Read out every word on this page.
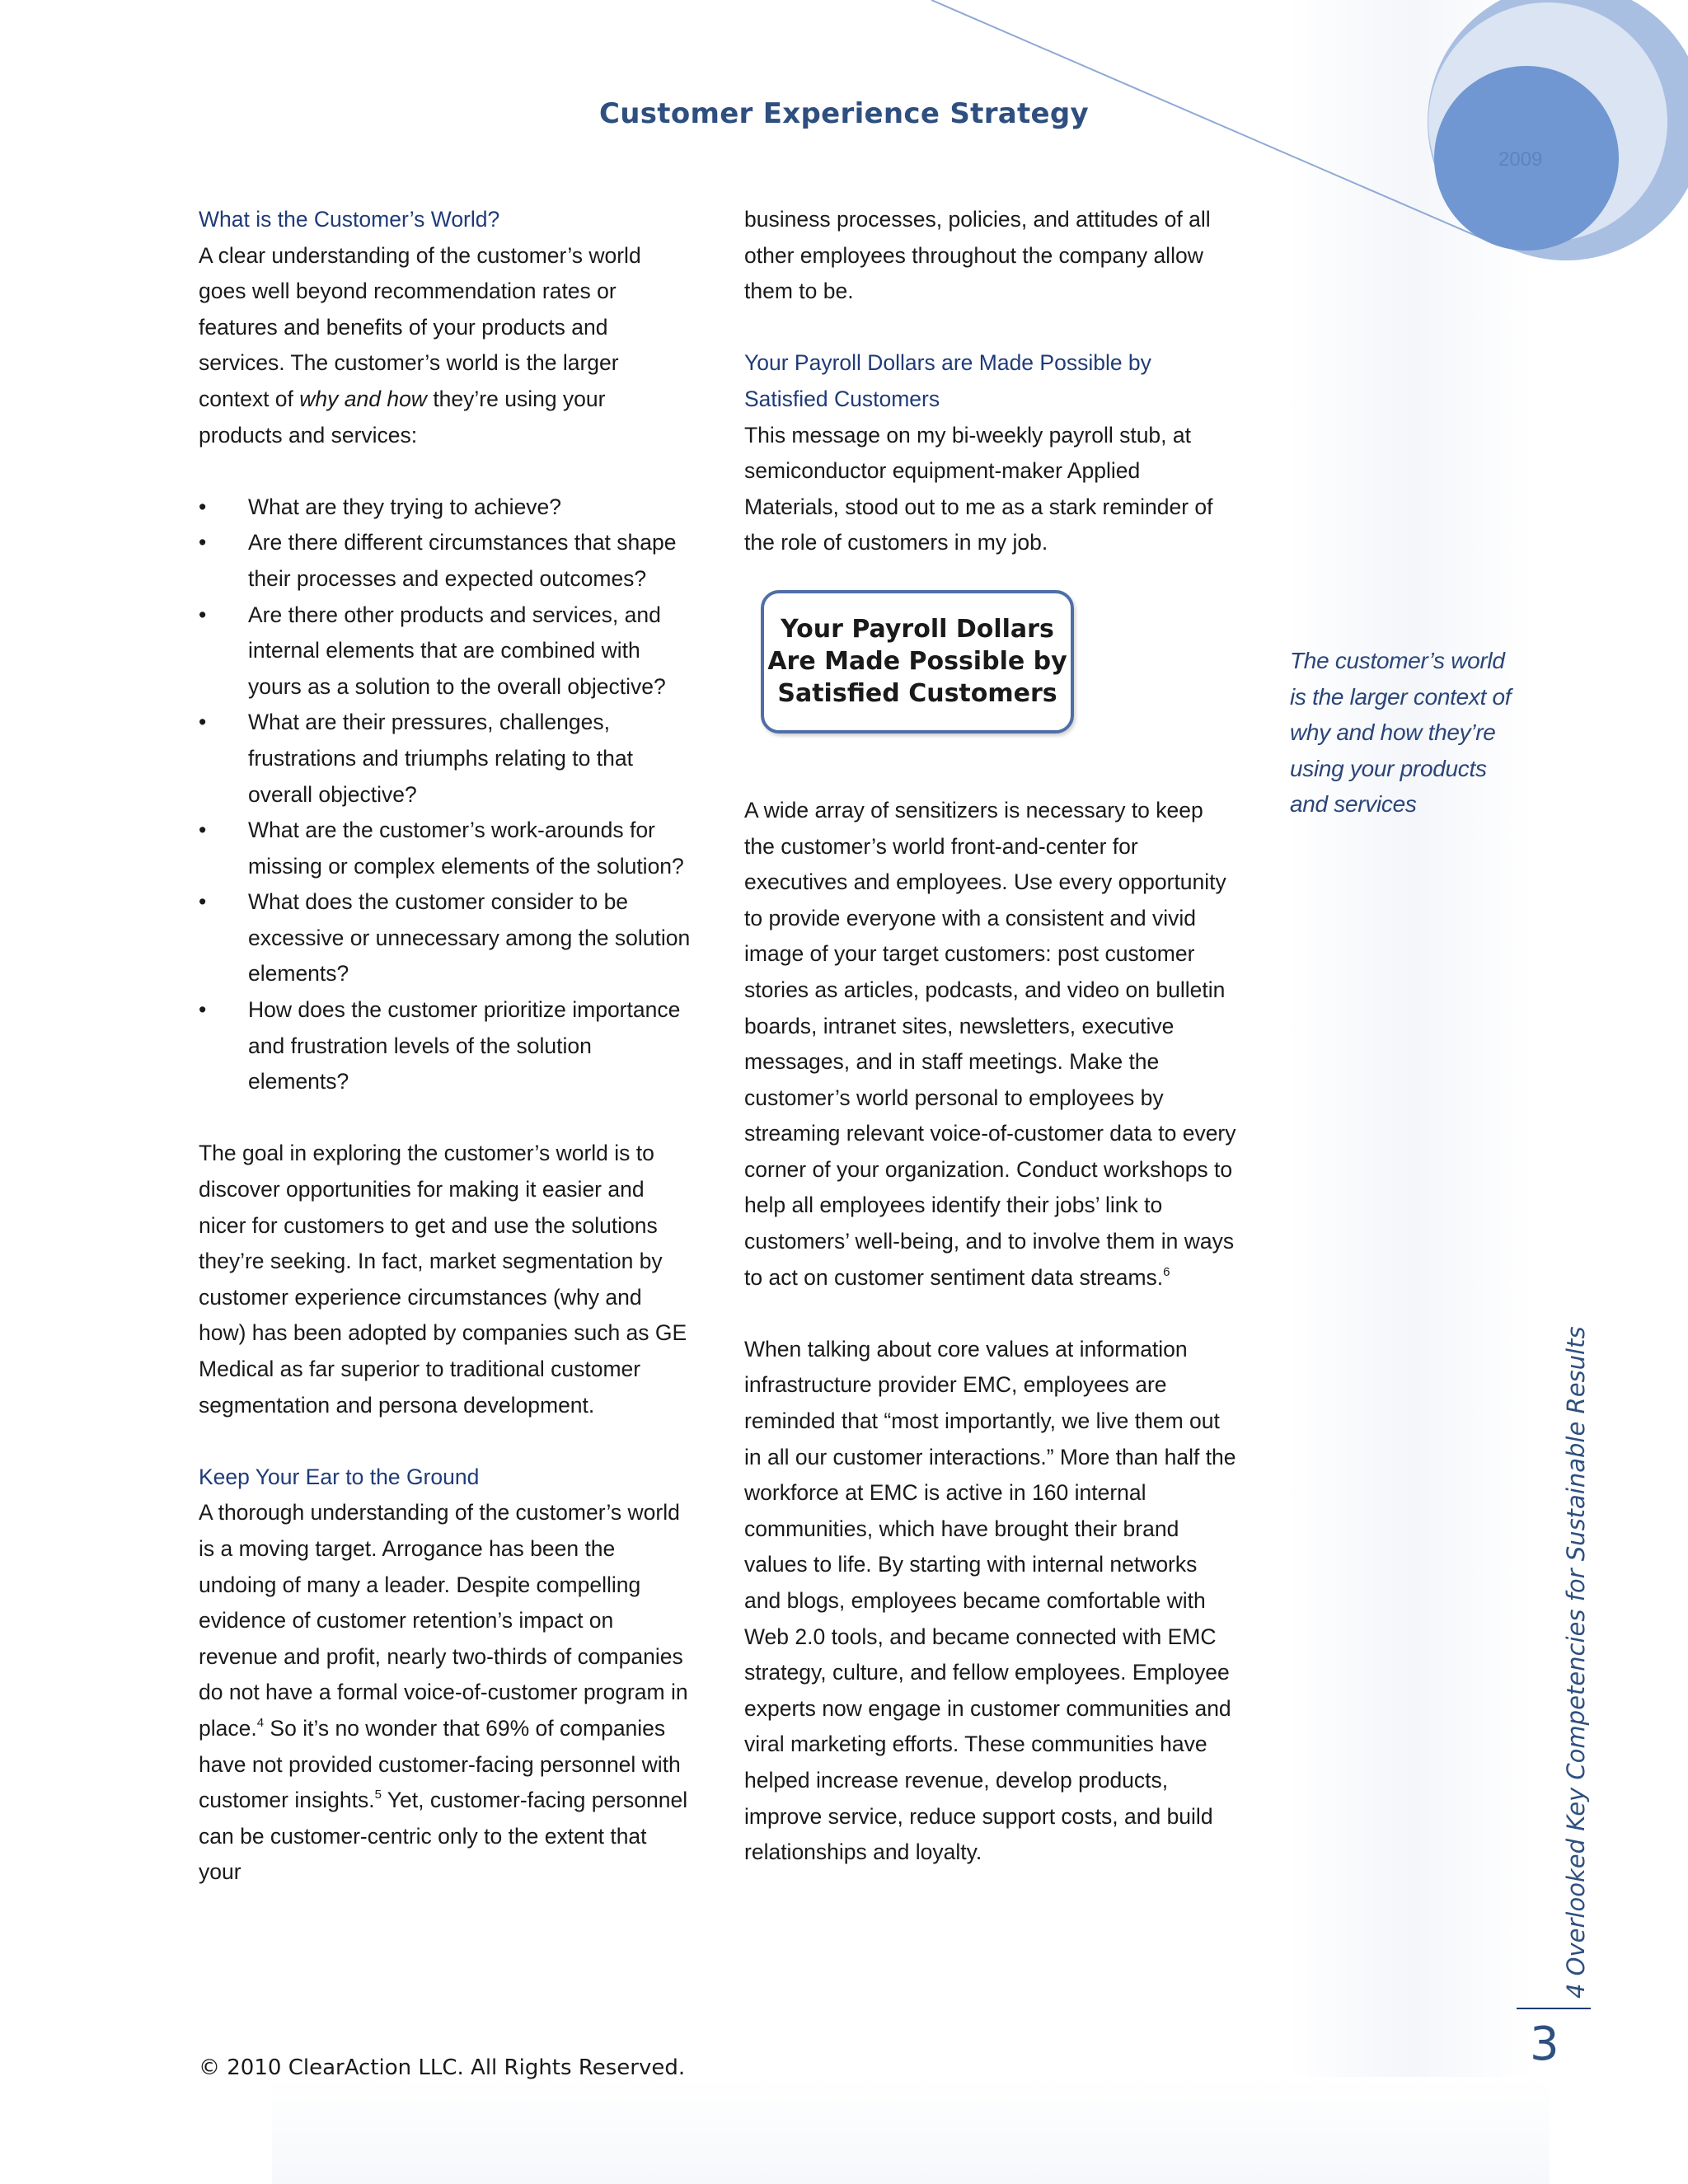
Customer Experience Strategy
2009
What is the Customer’s World?

A clear understanding of the customer’s world goes well beyond recommendation rates or features and benefits of your products and services. The customer’s world is the larger context of why and how they’re using your products and services:

• What are they trying to achieve?
• Are there different circumstances that shape their processes and expected outcomes?
• Are there other products and services, and internal elements that are combined with yours as a solution to the overall objective?
• What are their pressures, challenges, frustrations and triumphs relating to that overall objective?
• What are the customer’s work-arounds for missing or complex elements of the solution?
• What does the customer consider to be excessive or unnecessary among the solution elements?
• How does the customer prioritize importance and frustration levels of the solution elements?

The goal in exploring the customer’s world is to discover opportunities for making it easier and nicer for customers to get and use the solutions they’re seeking. In fact, market segmentation by customer experience circumstances (why and how) has been adopted by companies such as GE Medical as far superior to traditional customer segmentation and persona development.

Keep Your Ear to the Ground

A thorough understanding of the customer’s world is a moving target. Arrogance has been the undoing of many a leader. Despite compelling evidence of customer retention’s impact on revenue and profit, nearly two-thirds of companies do not have a formal voice-of-customer program in place.$^4$ So it’s no wonder that 69% of companies have not provided customer-facing personnel with customer insights.$^5$ Yet, customer-facing personnel can be customer-centric only to the extent that your

business processes, policies, and attitudes of all other employees throughout the company allow them to be.

Your Payroll Dollars are Made Possible by Satisfied Customers

This message on my bi-weekly payroll stub, at semiconductor equipment-maker Applied Materials, stood out to me as a stark reminder of the role of customers in my job.

Your Payroll Dollars
Are Made Possible by
Satisfied Customers

A wide array of sensitizers is necessary to keep the customer’s world front-and-center for executives and employees. Use every opportunity to provide everyone with a consistent and vivid image of your target customers: post customer stories as articles, podcasts, and video on bulletin boards, intranet sites, newsletters, executive messages, and in staff meetings. Make the customer’s world personal to employees by streaming relevant voice-of-customer data to every corner of your organization. Conduct workshops to help all employees identify their jobs’ link to customers’ well-being, and to involve them in ways to act on customer sentiment data streams.$^6$

When talking about core values at information infrastructure provider EMC, employees are reminded that “most importantly, we live them out in all our customer interactions.” More than half the workforce at EMC is active in 160 internal communities, which have brought their brand values to life. By starting with internal networks and blogs, employees became comfortable with Web 2.0 tools, and became connected with EMC strategy, culture, and fellow employees. Employee experts now engage in customer communities and viral marketing efforts. These communities have helped increase revenue, develop products, improve service, reduce support costs, and build relationships and loyalty.

The customer’s world is the larger context of why and how they’re using your products and services
4 Overlooked Key Competencies for Sustainable Results
3
© 2010 ClearAction LLC. All Rights Reserved.
